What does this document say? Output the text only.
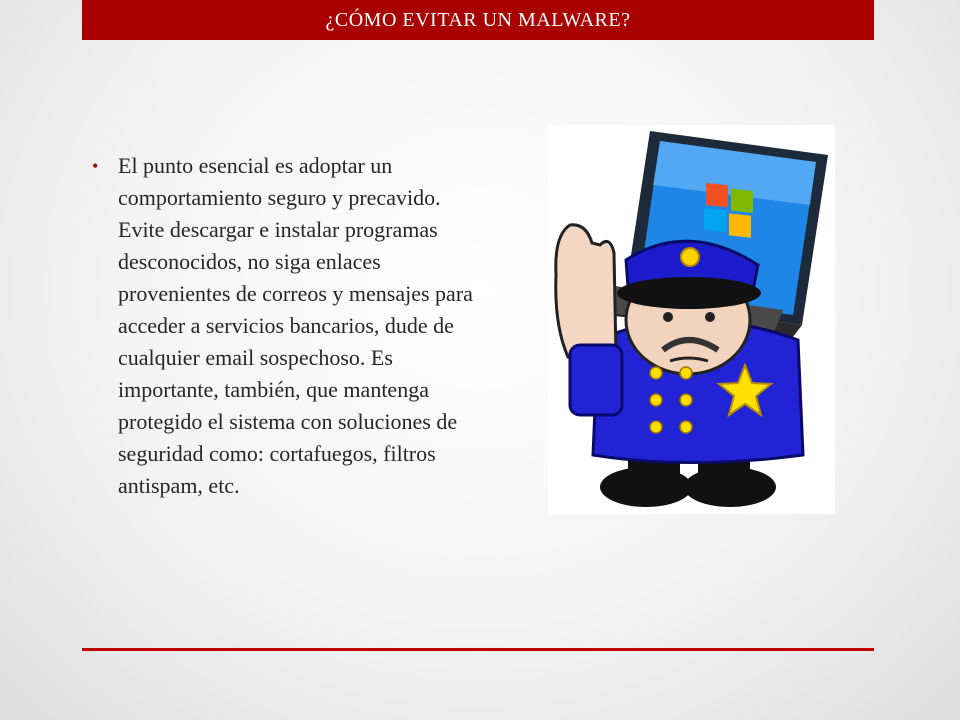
¿CÓMO EVITAR UN MALWARE?
• El punto esencial es adoptar un comportamiento seguro y precavido. Evite descargar e instalar programas desconocidos, no siga enlaces provenientes de correos y mensajes para acceder a servicios bancarios, dude de cualquier email sospechoso. Es importante, también, que mantenga protegido el sistema con soluciones de seguridad como: cortafuegos, filtros antispam, etc.
